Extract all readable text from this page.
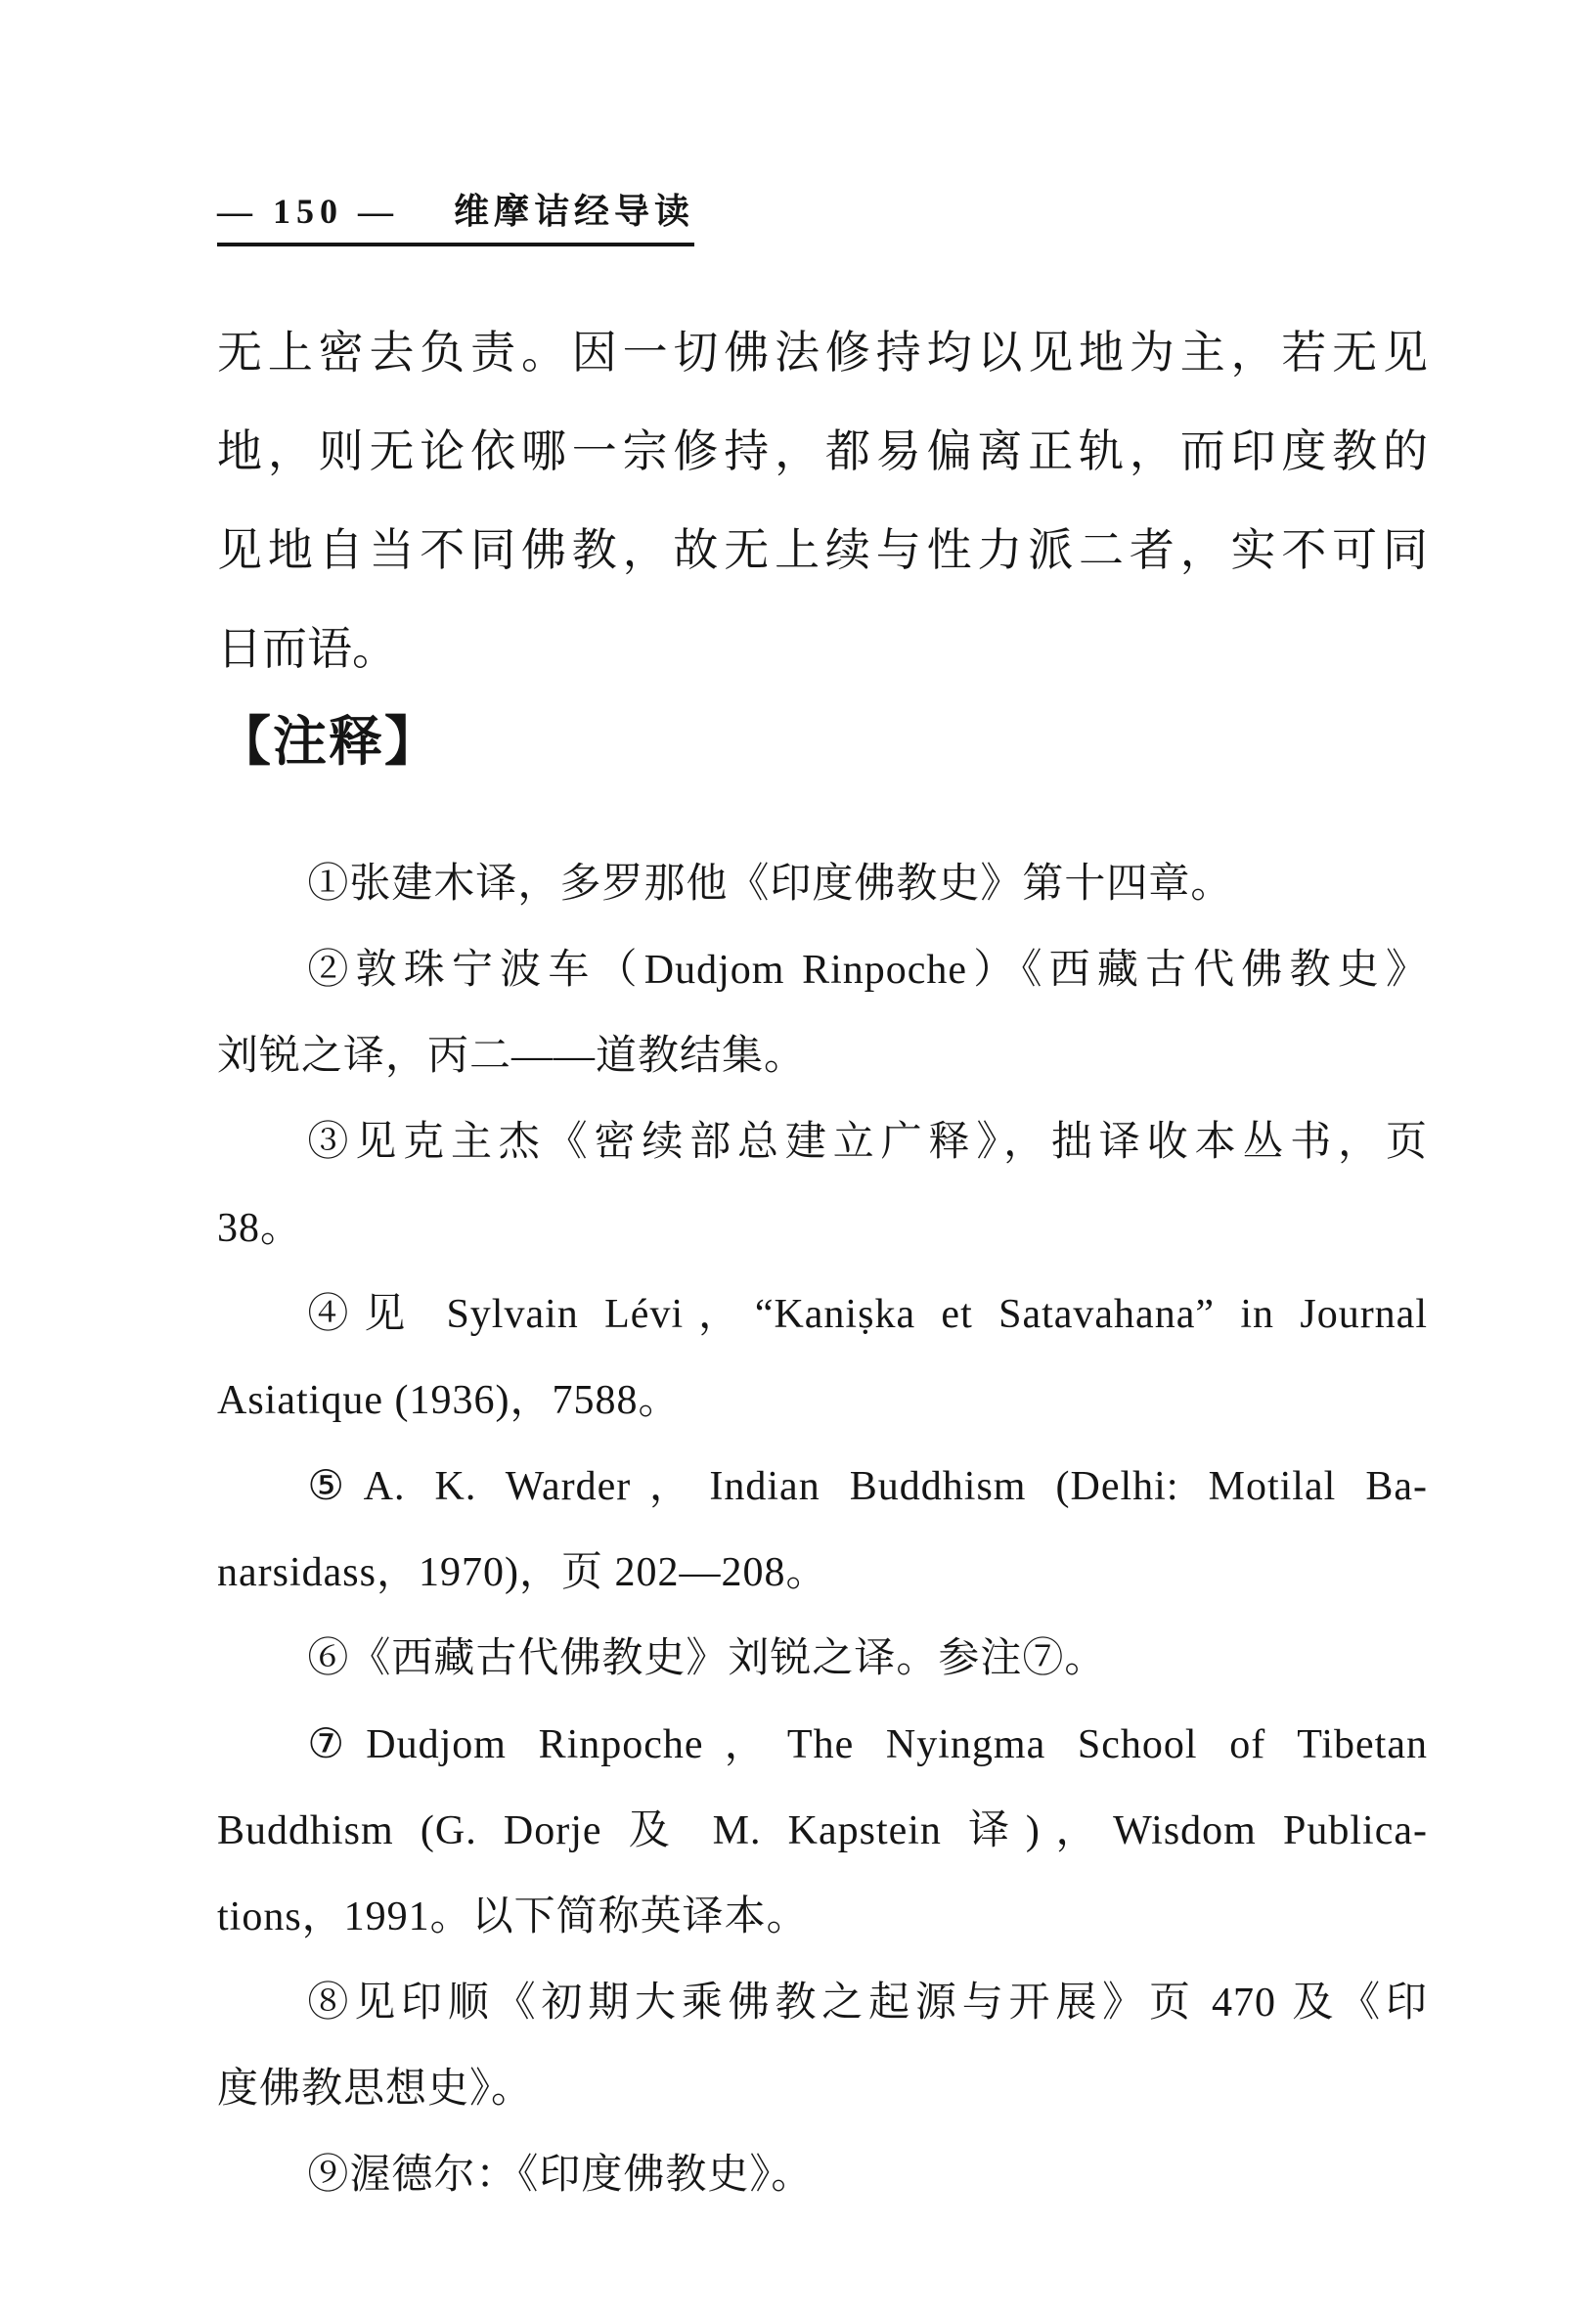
— 150 — 维摩诘经导读
无上密去负责。因一切佛法修持均以见地为主，若无见
地，则无论依哪一宗修持，都易偏离正轨，而印度教的
见地自当不同佛教，故无上续与性力派二者，实不可同
日而语。
【注释】
①张建木译，多罗那他《印度佛教史》第十四章。
②敦珠宁波车（Dudjom Rinpoche）《西藏古代佛教史》
刘锐之译，丙二——道教结集。
③见克主杰《密续部总建立广释》，拙译收本丛书，页
38。
④见 Sylvain Lévi，“Kaniṣka et Satavahana” in Journal
Asiatique (1936)，7588。
⑤A. K. Warder，Indian Buddhism (Delhi: Motilal Ba-
narsidass，1970)，页 202—208。
⑥《西藏古代佛教史》刘锐之译。参注⑦。
⑦Dudjom Rinpoche，The Nyingma School of Tibetan
Buddhism (G. Dorje 及 M. Kapstein 译)，Wisdom Publica-
tions，1991。以下简称英译本。
⑧见印顺《初期大乘佛教之起源与开展》页 470 及《印
度佛教思想史》。
⑨渥德尔：《印度佛教史》。
